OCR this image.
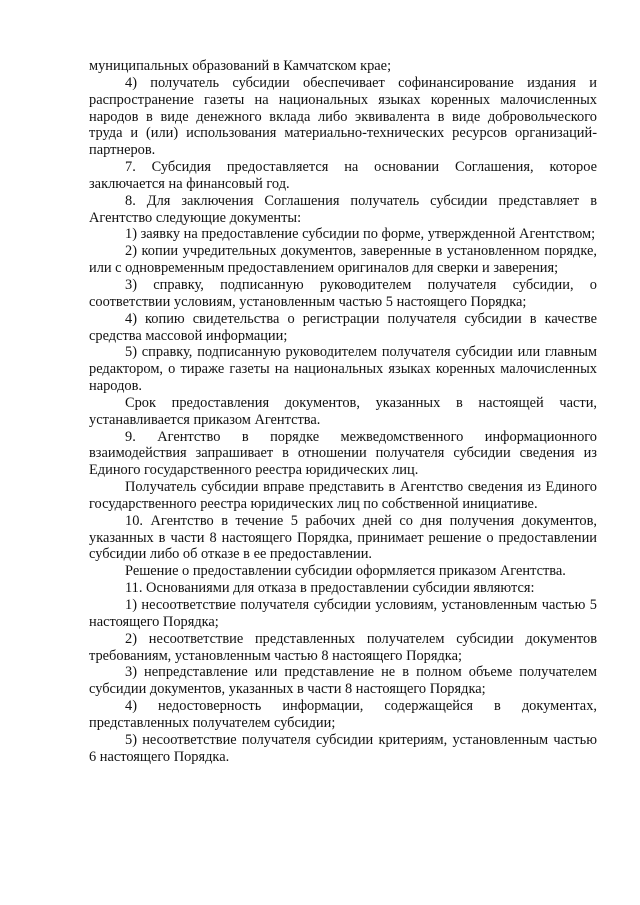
муниципальных образований в Камчатском крае;

4) получатель субсидии обеспечивает софинансирование издания и распространение газеты на национальных языках коренных малочисленных народов в виде денежного вклада либо эквивалента в виде добровольческого труда и (или) использования материально-технических ресурсов организаций-партнеров.

7. Субсидия предоставляется на основании Соглашения, которое заключается на финансовый год.

8. Для заключения Соглашения получатель субсидии представляет в Агентство следующие документы:

1) заявку на предоставление субсидии по форме, утвержденной Агентством;

2) копии учредительных документов, заверенные в установленном порядке, или с одновременным предоставлением оригиналов для сверки и заверения;

3) справку, подписанную руководителем получателя субсидии, о соответствии условиям, установленным частью 5 настоящего Порядка;

4) копию свидетельства о регистрации получателя субсидии в качестве средства массовой информации;

5) справку, подписанную руководителем получателя субсидии или главным редактором, о тираже газеты на национальных языках коренных малочисленных народов.

Срок предоставления документов, указанных в настоящей части, устанавливается приказом Агентства.

9. Агентство в порядке межведомственного информационного взаимодействия запрашивает в отношении получателя субсидии сведения из Единого государственного реестра юридических лиц.

Получатель субсидии вправе представить в Агентство сведения из Единого государственного реестра юридических лиц по собственной инициативе.

10. Агентство в течение 5 рабочих дней со дня получения документов, указанных в части 8 настоящего Порядка, принимает решение о предоставлении субсидии либо об отказе в ее предоставлении.

Решение о предоставлении субсидии оформляется приказом Агентства.

11. Основаниями для отказа в предоставлении субсидии являются:

1) несоответствие получателя субсидии условиям, установленным частью 5 настоящего Порядка;

2) несоответствие представленных получателем субсидии документов требованиям, установленным частью 8 настоящего Порядка;

3) непредставление или представление не в полном объеме получателем субсидии документов, указанных в части 8 настоящего Порядка;

4) недостоверность информации, содержащейся в документах, представленных получателем субсидии;

5) несоответствие получателя субсидии критериям, установленным частью 6 настоящего Порядка.
